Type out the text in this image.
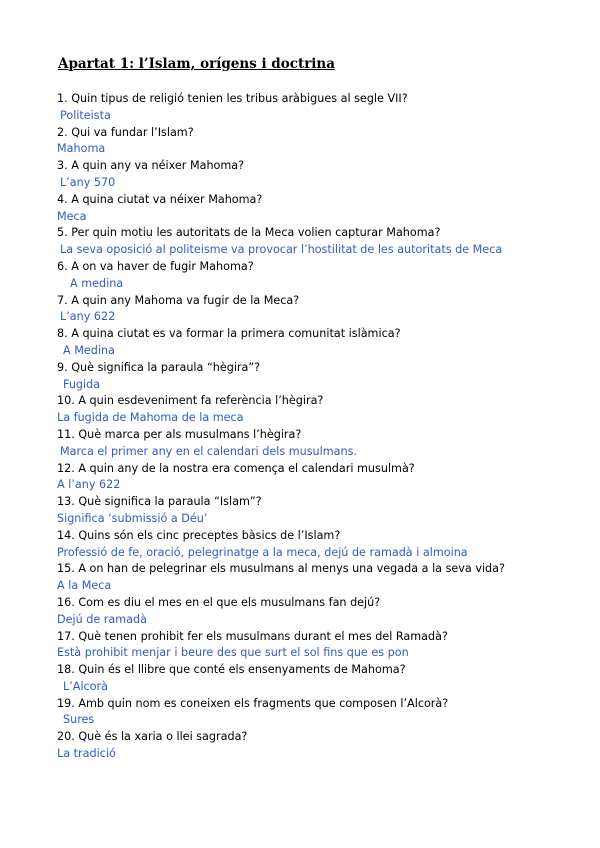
Apartat 1: l’Islam, orígens i doctrina
1. Quin tipus de religió tenien les tribus aràbigues al segle VII?
Politeista
2. Qui va fundar l’Islam?
Mahoma
3. A quin any va néixer Mahoma?
L’any 570
4. A quina ciutat va néixer Mahoma?
Meca
5. Per quin motiu les autoritats de la Meca volien capturar Mahoma?
La seva oposició al politeisme va provocar l’hostilitat de les autoritats de Meca
6. A on va haver de fugir Mahoma?
A medina
7. A quin any Mahoma va fugir de la Meca?
L’any 622
8. A quina ciutat es va formar la primera comunitat islàmica?
A Medina
9. Què significa la paraula “hègira”?
Fugida
10. A quin esdeveniment fa referència l’hègira?
La fugida de Mahoma de la meca
11. Què marca per als musulmans l’hègira?
Marca el primer any en el calendari dels musulmans.
12. A quin any de la nostra era comença el calendari musulmà?
A l’any 622
13. Què significa la paraula “Islam”?
Significa ‘submissió a Déu’
14. Quins són els cinc preceptes bàsics de l’Islam?
Professió de fe, oració, pelegrinatge a la meca, dejú de ramadà i almoina
15. A on han de pelegrinar els musulmans al menys una vegada a la seva vida?
A la Meca
16. Com es diu el mes en el que els musulmans fan dejú?
Dejú de ramadà
17. Què tenen prohibit fer els musulmans durant el mes del Ramadà?
Està prohibit menjar i beure des que surt el sol fins que es pon
18. Quin és el llibre que conté els ensenyaments de Mahoma?
L’Alcorà
19. Amb quin nom es coneixen els fragments que composen l’Alcorà?
Sures
20. Què és la xaria o llei sagrada?
La tradició
